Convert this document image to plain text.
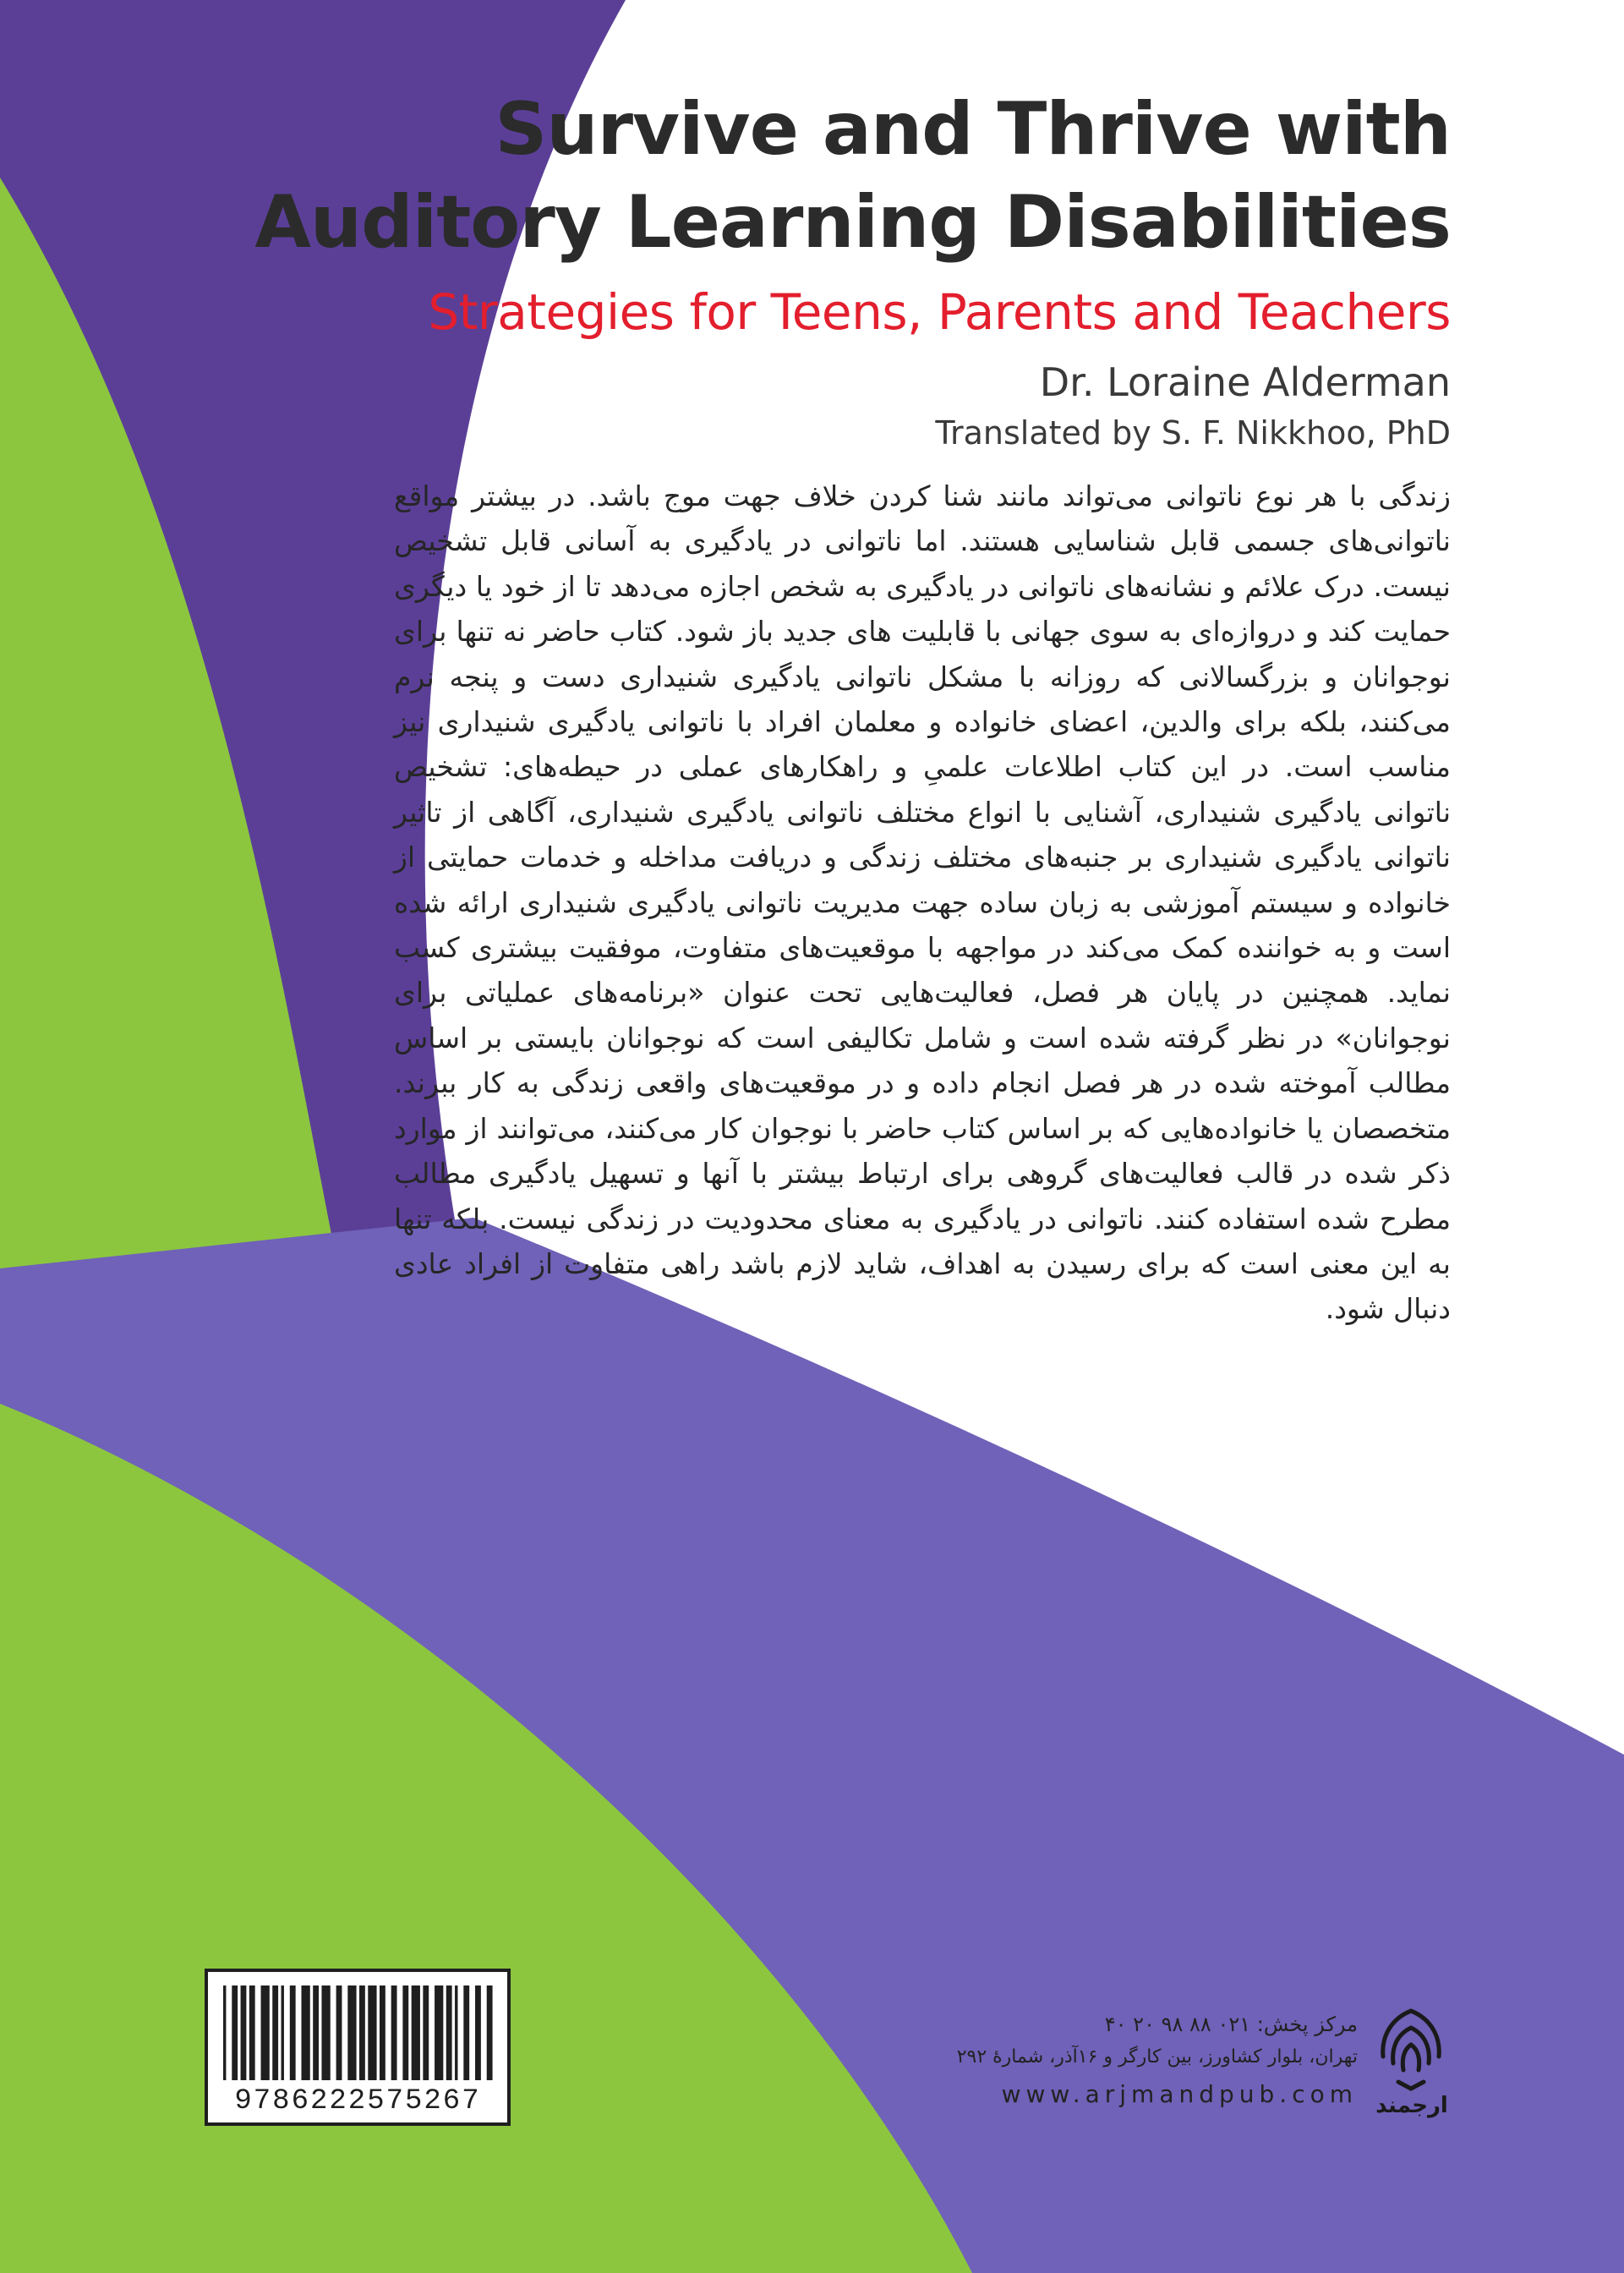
Survive and Thrive with
Auditory Learning Disabilities
Strategies for Teens, Parents and Teachers
Dr. Loraine Alderman
Translated by S. F. Nikkhoo, PhD

زندگی با هر نوع ناتوانی می‌تواند مانند شنا کردن خلاف جهت موج باشد. در بیشتر مواقع ناتوانی‌های جسمی قابل شناسایی هستند. اما ناتوانی در یادگیری به آسانی قابل تشخیص نیست. درک علائم و نشانه‌های ناتوانی در یادگیری به شخص اجازه می‌دهد تا از خود یا دیگری حمایت کند و دروازه‌ای به سوی جهانی با قابلیت های جدید باز شود. کتاب حاضر نه تنها برای نوجوانان و بزرگسالانی که روزانه با مشکل ناتوانی یادگیری شنیداری دست و پنجه نرم می‌کنند، بلکه برای والدین، اعضای خانواده و معلمان افراد با ناتوانی یادگیری شنیداری نیز مناسب است. در این کتاب اطلاعات علمیِ و راهکارهای عملی در حیطه‌های: تشخیص ناتوانی یادگیری شنیداری، آشنایی با انواع مختلف ناتوانی یادگیری شنیداری، آگاهی از تاثیر ناتوانی یادگیری شنیداری بر جنبه‌های مختلف زندگی و دریافت مداخله و خدمات حمایتی از خانواده و سیستم آموزشی به زبان ساده جهت مدیریت ناتوانی یادگیری شنیداری ارائه شده است و به خواننده کمک می‌کند در مواجهه با موقعیت‌های متفاوت، موفقیت بیشتری کسب نماید. همچنین در پایان هر فصل، فعالیت‌هایی تحت عنوان «برنامه‌های عملیاتی برای نوجوانان» در نظر گرفته شده است و شامل تکالیفی است که نوجوانان بایستی بر اساس مطالب آموخته شده در هر فصل انجام داده و در موقعیت‌های واقعی زندگی به کار ببرند. متخصصان یا خانواده‌هایی که بر اساس کتاب حاضر با نوجوان کار می‌کنند، می‌توانند از موارد ذکر شده در قالب فعالیت‌های گروهی برای ارتباط بیشتر با آنها و تسهیل یادگیری مطالب مطرح شده استفاده کنند. ناتوانی در یادگیری به معنای محدودیت در زندگی نیست. بلکه تنها به این معنی است که برای رسیدن به اهداف، شاید لازم باشد راهی متفاوت از افراد عادی دنبال شود.

9786222575267
مرکز پخش: ۰۲۱ ۸۸ ۹۸ ۲۰ ۴۰
تهران، بلوار کشاورز، بین کارگر و ۱۶آذر، شمارهٔ ۲۹۲
www.arjmandpub.com ارجمند
